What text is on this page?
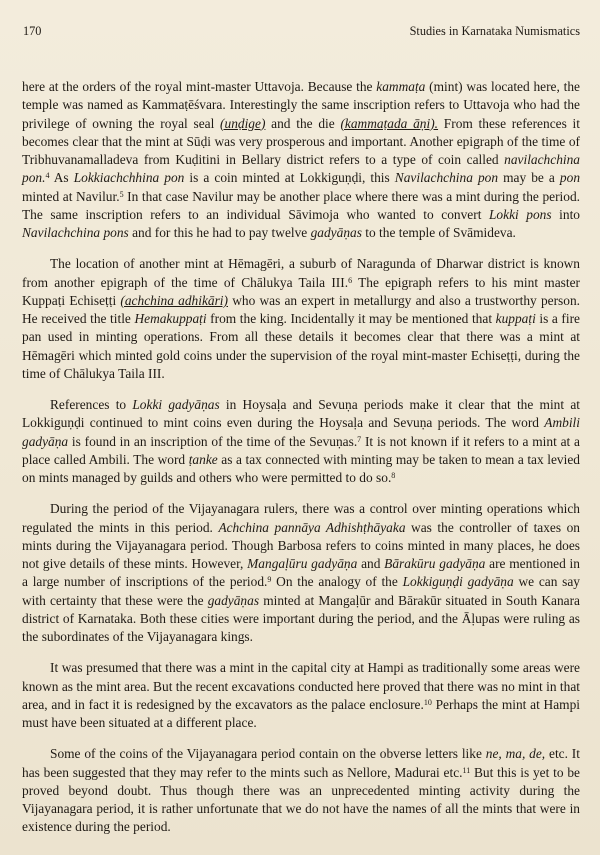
170	Studies in Karnataka Numismatics

here at the orders of the royal mint-master Uttavoja. Because the kammaṭa (mint) was located here, the temple was named as Kammaṭēśvara. Interestingly the same inscription refers to Uttavoja who had the privilege of owning the royal seal (unḍige) and the die (kammaṭada āṇi). From these references it becomes clear that the mint at Sūḍi was very prosperous and important. Another epigraph of the time of Tribhuvanamalladeva from Kuḍitini in Bellary district refers to a type of coin called navilachchina pon.$^4$ As Lokkiachchhina pon is a coin minted at Lokkiguṇḍi, this Navilachchina pon may be a pon minted at Navilur.$^5$ In that case Navilur may be another place where there was a mint during the period. The same inscription refers to an individual Sāvimoja who wanted to convert Lokki pons into Navilachchina pons and for this he had to pay twelve gadyāṇas to the temple of Svāmideva.

The location of another mint at Hēmagēri, a suburb of Naragunda of Dharwar district is known from another epigraph of the time of Chālukya Taila III.$^6$ The epigraph refers to his mint master Kuppaṭi Echiseṭṭi (achchina adhikāri) who was an expert in metallurgy and also a trustworthy person. He received the title Hemakuppaṭi from the king. Incidentally it may be mentioned that kuppaṭi is a fire pan used in minting operations. From all these details it becomes clear that there was a mint at Hēmagēri which minted gold coins under the supervision of the royal mint-master Echiseṭṭi, during the time of Chālukya Taila III.

References to Lokki gadyāṇas in Hoysaḷa and Sevuṇa periods make it clear that the mint at Lokkiguṇḍi continued to mint coins even during the Hoysaḷa and Sevuṇa periods. The word Ambili gadyāṇa is found in an inscription of the time of the Sevuṇas.$^7$ It is not known if it refers to a mint at a place called Ambili. The word ṭanke as a tax connected with minting may be taken to mean a tax levied on mints managed by guilds and others who were permitted to do so.$^8$

During the period of the Vijayanagara rulers, there was a control over minting operations which regulated the mints in this period. Achchina pannāya Adhishṭhāyaka was the controller of taxes on mints during the Vijayanagara period. Though Barbosa refers to coins minted in many places, he does not give details of these mints. However, Mangaḷūru gadyāṇa and Bārakūru gadyāṇa are mentioned in a large number of inscriptions of the period.$^9$ On the analogy of the Lokkiguṇḍi gadyāṇa we can say with certainty that these were the gadyāṇas minted at Mangaḷūr and Bārakūr situated in South Kanara district of Karnataka. Both these cities were important during the period, and the Āḷupas were ruling as the subordinates of the Vijayanagara kings.

It was presumed that there was a mint in the capital city at Hampi as traditionally some areas were known as the mint area. But the recent excavations conducted here proved that there was no mint in that area, and in fact it is redesigned by the excavators as the palace enclosure.$^{10}$ Perhaps the mint at Hampi must have been situated at a different place.

Some of the coins of the Vijayanagara period contain on the obverse letters like ne, ma, de, etc. It has been suggested that they may refer to the mints such as Nellore, Madurai etc.$^{11}$ But this is yet to be proved beyond doubt. Thus though there was an unprecedented minting activity during the Vijayanagara period, it is rather unfortunate that we do not have the names of all the mints that were in existence during the period.
